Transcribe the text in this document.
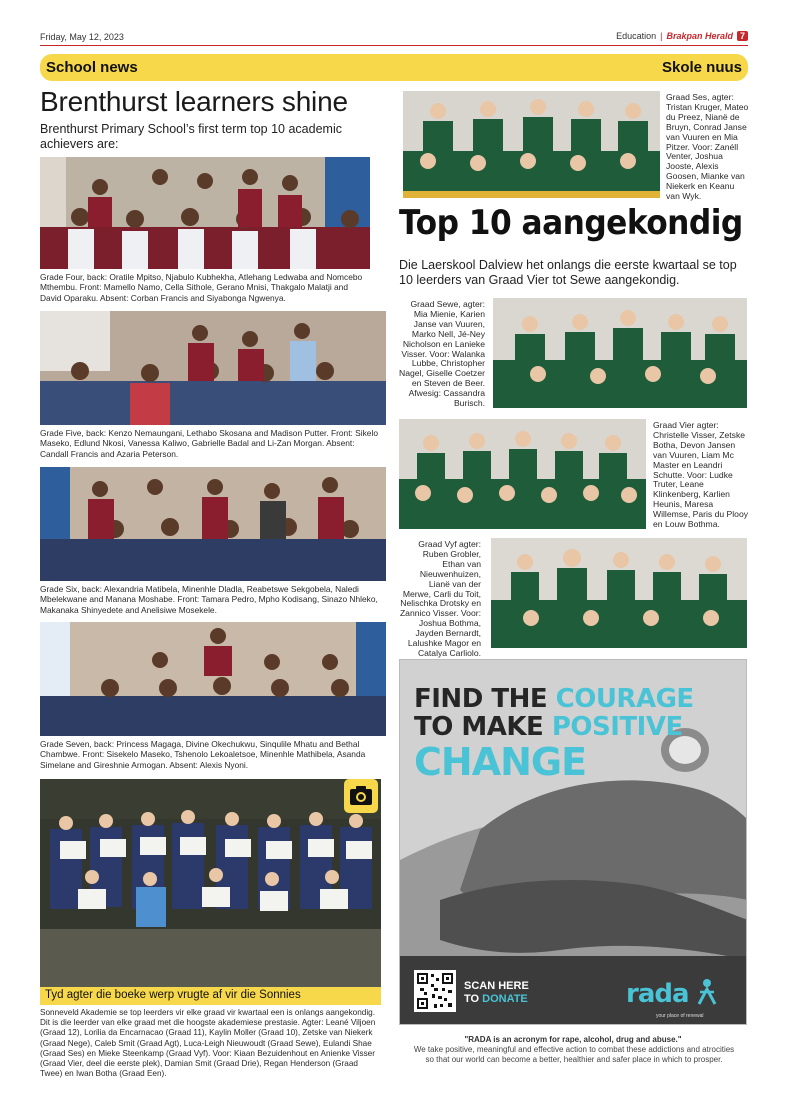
Friday, May 12, 2023	Education | Brakpan Herald 7
School news	Skole nuus
Brenthurst learners shine
Brenthurst Primary School’s first term top 10 academic achievers are:
Grade Four, back: Oratile Mpitso, Njabulo Kubhekha, Atlehang Ledwaba and Nomcebo Mthembu. Front: Mamello Namo, Cella Sithole, Gerano Mnisi, Thakgalo Malatji and David Oparaku. Absent: Corban Francis and Siyabonga Ngwenya.
Grade Five, back: Kenzo Nemaungani, Lethabo Skosana and Madison Putter. Front: Sikelo Maseko, Edlund Nkosi, Vanessa Kaliwo, Gabrielle Badal and Li-Zan Morgan. Absent: Candall Francis and Azaria Peterson.
Grade Six, back: Alexandria Matibela, Minenhle Dladla, Reabetswe Sekgobela, Naledi Mbelekwane and Manana Moshabe. Front: Tamara Pedro, Mpho Kodisang, Sinazo Nhleko, Makanaka Shinyedete and Anelisiwe Mosekele.
Grade Seven, back: Princess Magaga, Divine Okechukwu, Sinqulile Mhatu and Bethal Chambwe. Front: Sisekelo Maseko, Tshenolo Lekoaletsoe, Minenhle Mathibela, Asanda Simelane and Gireshnie Armogan. Absent: Alexis Nyoni.
Tyd agter die boeke werp vrugte af vir die Sonnies
Sonneveld Akademie se top leerders vir elke graad vir kwartaal een is onlangs aangekondig. Dit is die leerder van elke graad met die hoogste akademiese prestasie. Agter: Leané Viljoen (Graad 12), Lorilia da Encarnacao (Graad 11), Kaylin Moller (Graad 10), Zetske van Niekerk (Graad Nege), Caleb Smit (Graad Agt), Luca-Leigh Nieuwoudt (Graad Sewe), Eulandi Shae (Graad Ses) en Mieke Steenkamp (Graad Vyf). Voor: Kiaan Bezuidenhout en Anienke Visser (Graad Vier, deel die eerste plek), Damian Smit (Graad Drie), Regan Henderson (Graad Twee) en Iwan Botha (Graad Een).
Graad Ses, agter: Tristan Kruger, Mateo du Preez, Nianë de Bruyn, Conrad Janse van Vuuren en Mia Pitzer. Voor: Zanéll Venter, Joshua Jooste, Alexis Goosen, Mianke van Niekerk en Keanu van Wyk.
Top 10 aangekondig
Die Laerskool Dalview het onlangs die eerste kwartaal se top 10 leerders van Graad Vier tot Sewe aangekondig.
Graad Sewe, agter: Mia Mienie, Karien Janse van Vuuren, Marko Nell, Jé-Ney Nicholson en Lanieke Visser. Voor: Walanka Lubbe, Christopher Nagel, Giselle Coetzer en Steven de Beer. Afwesig: Cassandra Burisch.
Graad Vier agter: Christelle Visser, Zetske Botha, Devon Jansen van Vuuren, Liam Mc Master en Leandri Schutte. Voor: Ludke Truter, Leane Klinkenberg, Karlien Heunis, Maresa Willemse, Paris du Plooy en Louw Bothma.
Graad Vyf agter: Ruben Grobler, Ethan van Nieuwenhuizen, Lianë van der Merwe, Carli du Toit, Nelischka Drotsky en Zannico Visser. Voor: Joshua Bothma, Jayden Bernardt, Lalushke Magor en Catalya Carliolo.
FIND THE COURAGE
TO MAKE POSITIVE
CHANGE
SCAN HERE
TO DONATE	rada
your place of renewal
"RADA is an acronym for rape, alcohol, drug and abuse."
We take positive, meaningful and effective action to combat these addictions and atrocities so that our world can become a better, healthier and safer place in which to prosper.
